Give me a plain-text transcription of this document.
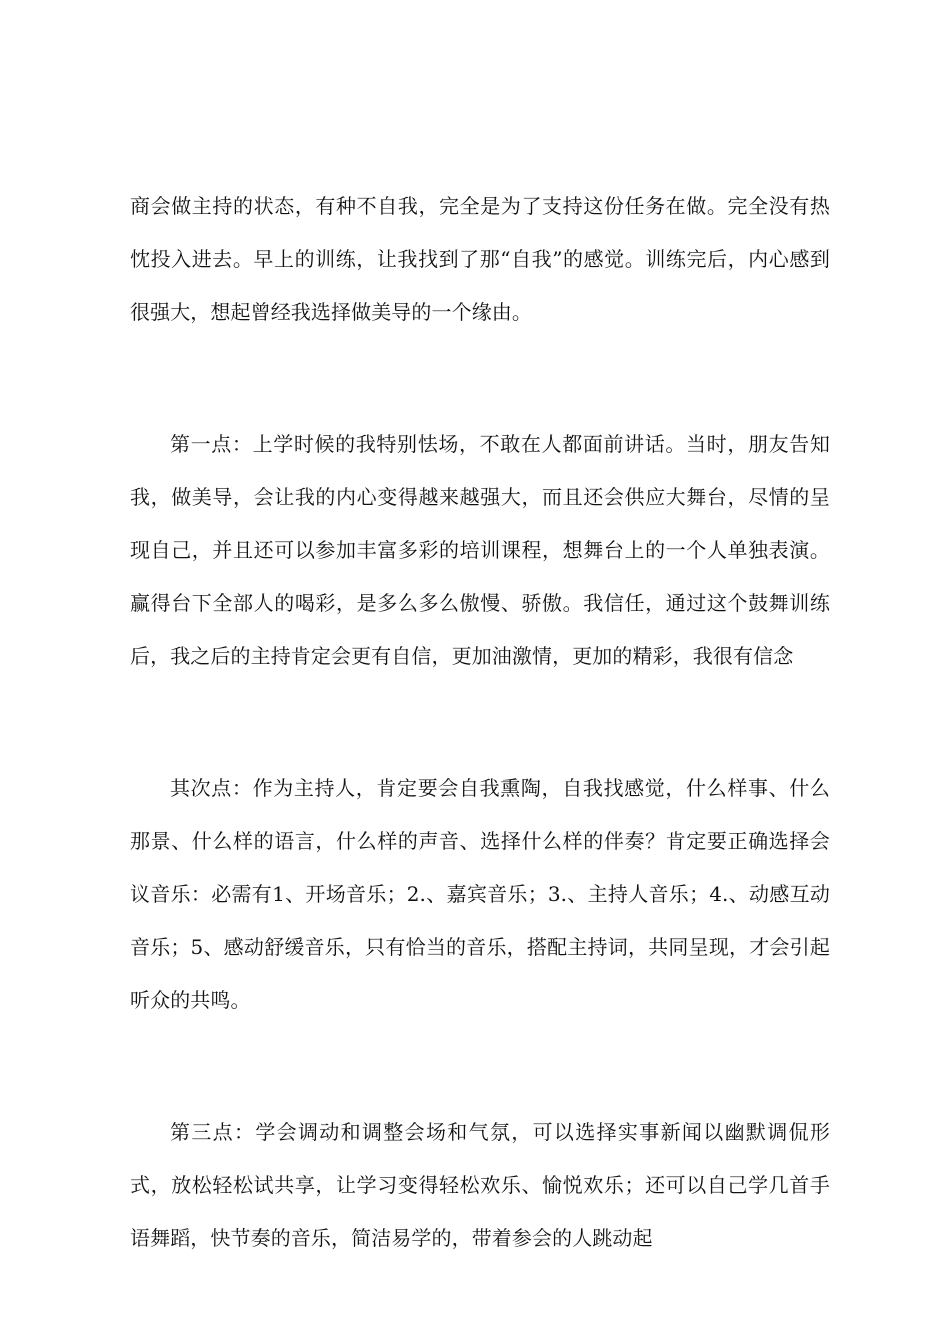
商会做主持的状态，有种不自我，完全是为了支持这份任务在做。完全没有热忱投入进去。早上的训练，让我找到了那“自我”的感觉。训练完后，内心感到很强大，想起曾经我选择做美导的一个缘由。

第一点：上学时候的我特别怯场，不敢在人都面前讲话。当时，朋友告知我，做美导，会让我的内心变得越来越强大，而且还会供应大舞台，尽情的呈现自己，并且还可以参加丰富多彩的培训课程，想舞台上的一个人单独表演。赢得台下全部人的喝彩，是多么多么傲慢、骄傲。我信任，通过这个鼓舞训练后，我之后的主持肯定会更有自信，更加油激情，更加的精彩，我很有信念

其次点：作为主持人，肯定要会自我熏陶，自我找感觉，什么样事、什么那景、什么样的语言，什么样的声音、选择什么样的伴奏？肯定要正确选择会议音乐：必需有1、开场音乐；2.、嘉宾音乐；3.、主持人音乐；4.、动感互动音乐；5、感动舒缓音乐，只有恰当的音乐，搭配主持词，共同呈现，才会引起听众的共鸣。

第三点：学会调动和调整会场和气氛，可以选择实事新闻以幽默调侃形式，放松轻松试共享，让学习变得轻松欢乐、愉悦欢乐；还可以自己学几首手语舞蹈，快节奏的音乐，简洁易学的，带着参会的人跳动起
